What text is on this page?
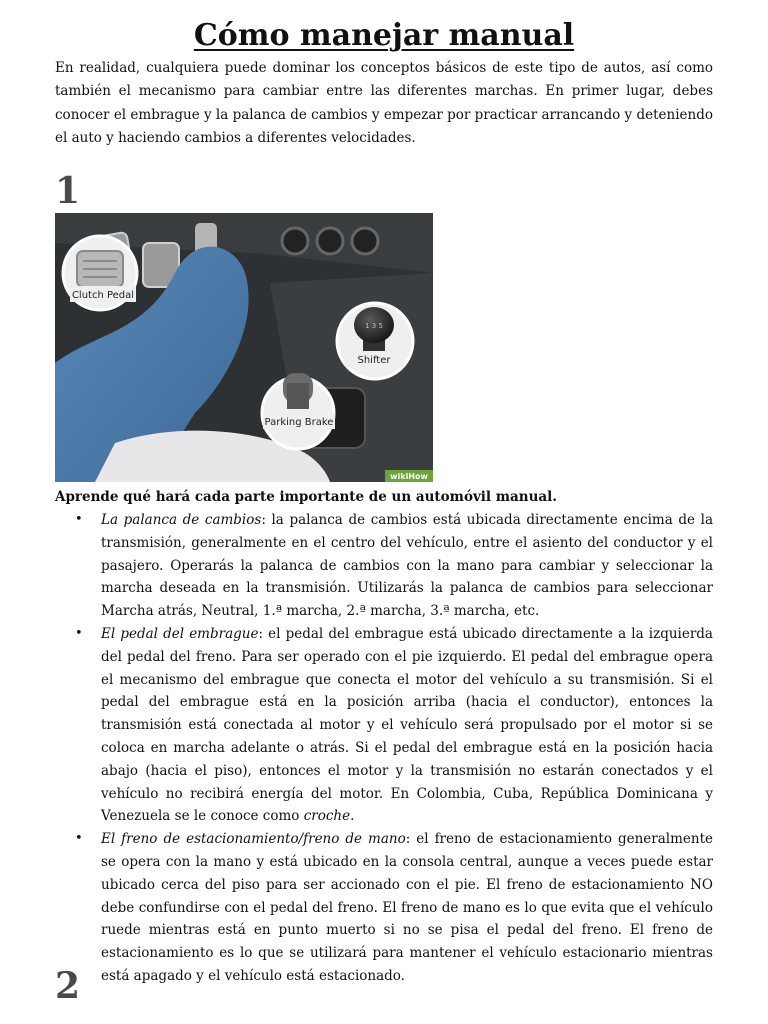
Cómo manejar manual

En realidad, cualquiera puede dominar los conceptos básicos de este tipo de autos, así como también el mecanismo para cambiar entre las diferentes marchas. En primer lugar, debes conocer el embrague y la palanca de cambios y empezar por practicar arrancando y deteniendo el auto y haciendo cambios a diferentes velocidades.

1
Clutch Pedal
1 3 5
Shifter
Parking Brake
wikiHow

Aprende qué hará cada parte importante de un automóvil manual.

• La palanca de cambios: la palanca de cambios está ubicada directamente encima de la transmisión, generalmente en el centro del vehículo, entre el asiento del conductor y el pasajero. Operarás la palanca de cambios con la mano para cambiar y seleccionar la marcha deseada en la transmisión. Utilizarás la palanca de cambios para seleccionar Marcha atrás, Neutral, 1.ª marcha, 2.ª marcha, 3.ª marcha, etc.
• El pedal del embrague: el pedal del embrague está ubicado directamente a la izquierda del pedal del freno. Para ser operado con el pie izquierdo. El pedal del embrague opera el mecanismo del embrague que conecta el motor del vehículo a su transmisión. Si el pedal del embrague está en la posición arriba (hacia el conductor), entonces la transmisión está conectada al motor y el vehículo será propulsado por el motor si se coloca en marcha adelante o atrás. Si el pedal del embrague está en la posición hacia abajo (hacia el piso), entonces el motor y la transmisión no estarán conectados y el vehículo no recibirá energía del motor. En Colombia, Cuba, República Dominicana y Venezuela se le conoce como croche.
• El freno de estacionamiento/freno de mano: el freno de estacionamiento generalmente se opera con la mano y está ubicado en la consola central, aunque a veces puede estar ubicado cerca del piso para ser accionado con el pie. El freno de estacionamiento NO debe confundirse con el pedal del freno. El freno de mano es lo que evita que el vehículo ruede mientras está en punto muerto si no se pisa el pedal del freno. El freno de estacionamiento es lo que se utilizará para mantener el vehículo estacionario mientras está apagado y el vehículo está estacionado.
2
